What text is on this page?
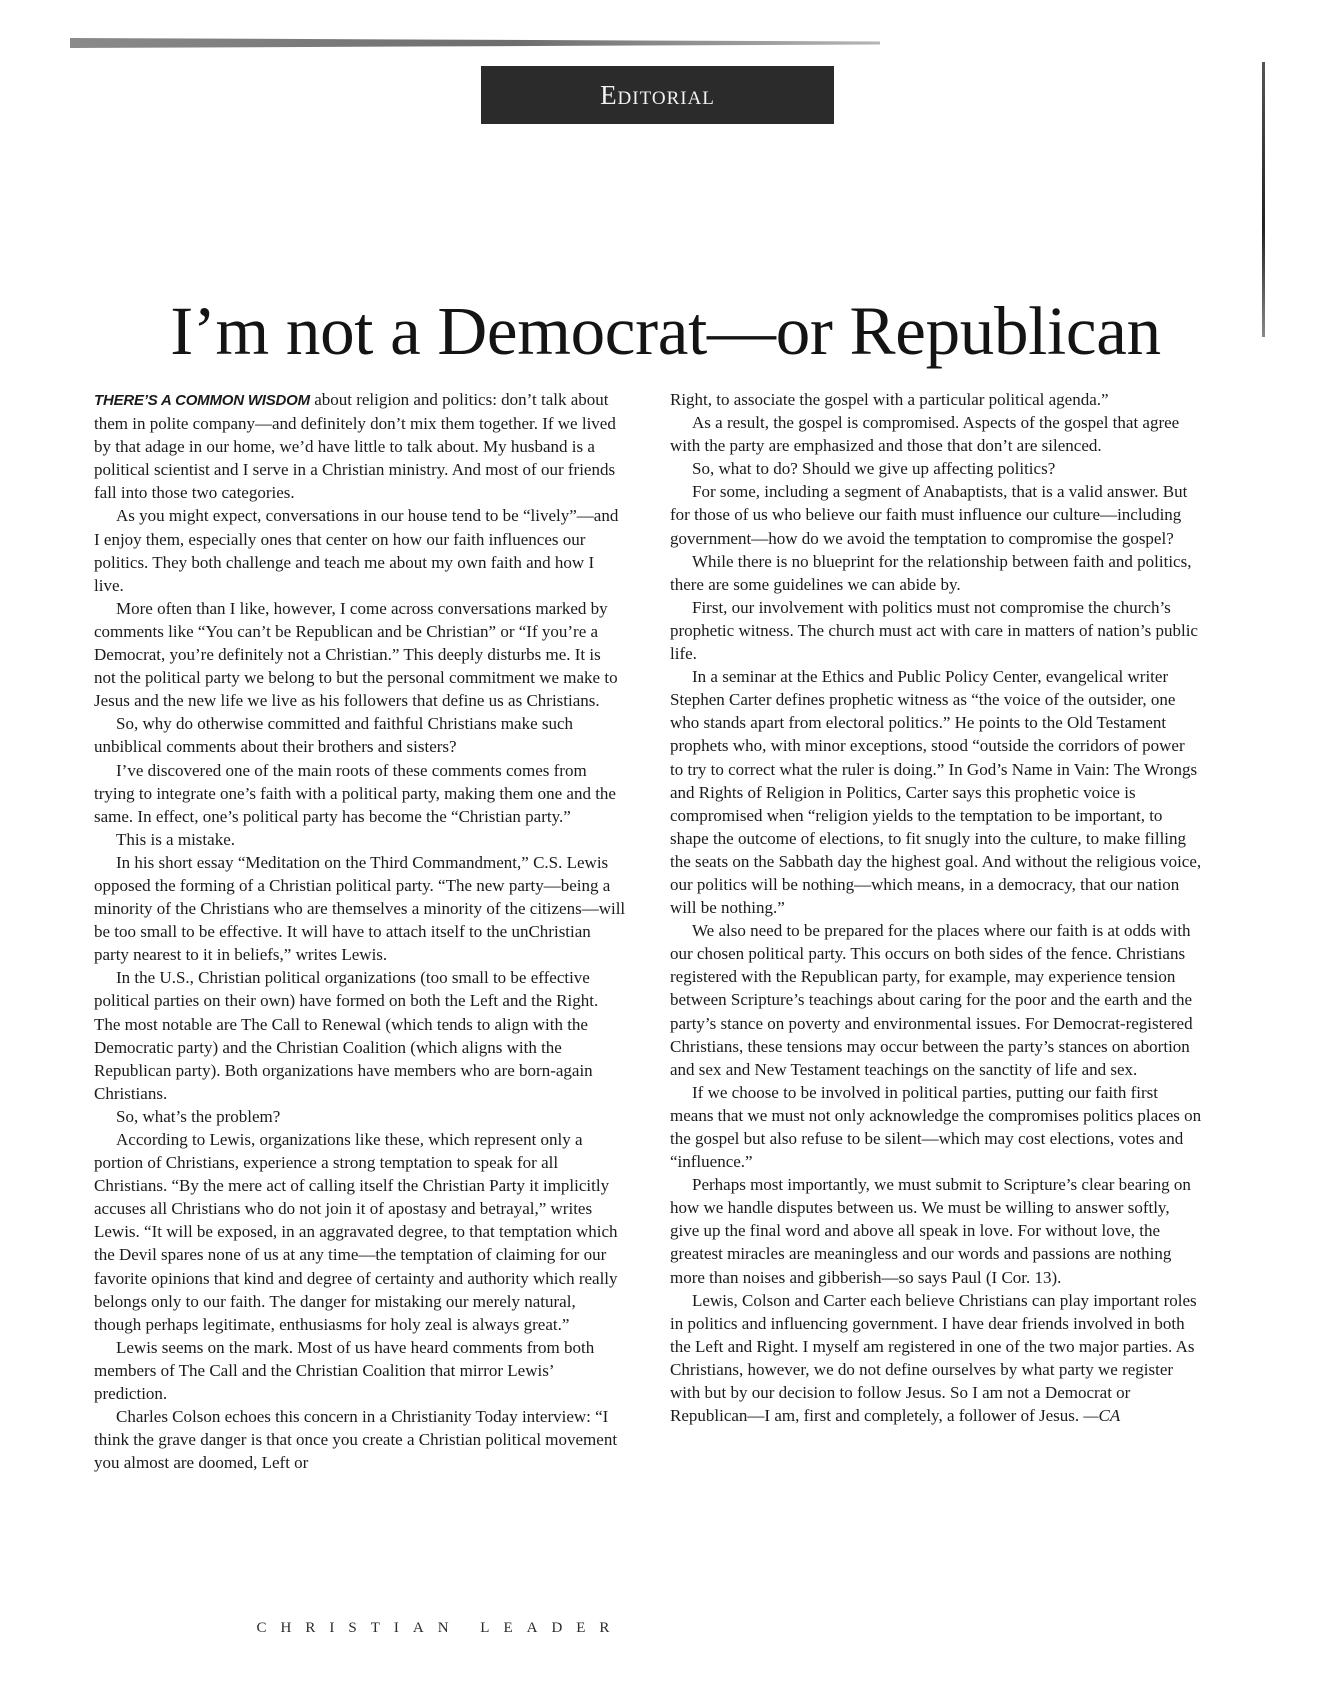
Editorial
I’m not a Democrat—or Republican

THERE’S A COMMON WISDOM about religion and politics: don’t talk about them in polite company—and definitely don’t mix them together. If we lived by that adage in our home, we’d have little to talk about. My husband is a political scientist and I serve in a Christian ministry. And most of our friends fall into those two categories.

As you might expect, conversations in our house tend to be “lively”—and I enjoy them, especially ones that center on how our faith influences our politics. They both challenge and teach me about my own faith and how I live.

More often than I like, however, I come across conversations marked by comments like “You can’t be Republican and be Christian” or “If you’re a Democrat, you’re definitely not a Christian.” This deeply disturbs me. It is not the political party we belong to but the personal commitment we make to Jesus and the new life we live as his followers that define us as Christians.

So, why do otherwise committed and faithful Christians make such unbiblical comments about their brothers and sisters?

I’ve discovered one of the main roots of these comments comes from trying to integrate one’s faith with a political party, making them one and the same. In effect, one’s political party has become the “Christian party.”

This is a mistake.

In his short essay “Meditation on the Third Commandment,” C.S. Lewis opposed the forming of a Christian political party. “The new party—being a minority of the Christians who are themselves a minority of the citizens—will be too small to be effective. It will have to attach itself to the unChristian party nearest to it in beliefs,” writes Lewis.

In the U.S., Christian political organizations (too small to be effective political parties on their own) have formed on both the Left and the Right. The most notable are The Call to Renewal (which tends to align with the Democratic party) and the Christian Coalition (which aligns with the Republican party). Both organizations have members who are born-again Christians.

So, what’s the problem?

According to Lewis, organizations like these, which represent only a portion of Christians, experience a strong temptation to speak for all Christians. “By the mere act of calling itself the Christian Party it implicitly accuses all Christians who do not join it of apostasy and betrayal,” writes Lewis. “It will be exposed, in an aggravated degree, to that temptation which the Devil spares none of us at any time—the temptation of claiming for our favorite opinions that kind and degree of certainty and authority which really belongs only to our faith. The danger for mistaking our merely natural, though perhaps legitimate, enthusiasms for holy zeal is always great.”

Lewis seems on the mark. Most of us have heard comments from both members of The Call and the Christian Coalition that mirror Lewis’ prediction.

Charles Colson echoes this concern in a Christianity Today interview: “I think the grave danger is that once you create a Christian political movement you almost are doomed, Left or

Right, to associate the gospel with a particular political agenda.”

As a result, the gospel is compromised. Aspects of the gospel that agree with the party are emphasized and those that don’t are silenced.

So, what to do? Should we give up affecting politics?

For some, including a segment of Anabaptists, that is a valid answer. But for those of us who believe our faith must influence our culture—including government—how do we avoid the temptation to compromise the gospel?

While there is no blueprint for the relationship between faith and politics, there are some guidelines we can abide by.

First, our involvement with politics must not compromise the church’s prophetic witness. The church must act with care in matters of nation’s public life.

In a seminar at the Ethics and Public Policy Center, evangelical writer Stephen Carter defines prophetic witness as “the voice of the outsider, one who stands apart from electoral politics.” He points to the Old Testament prophets who, with minor exceptions, stood “outside the corridors of power to try to correct what the ruler is doing.” In God’s Name in Vain: The Wrongs and Rights of Religion in Politics, Carter says this prophetic voice is compromised when “religion yields to the temptation to be important, to shape the outcome of elections, to fit snugly into the culture, to make filling the seats on the Sabbath day the highest goal. And without the religious voice, our politics will be nothing—which means, in a democracy, that our nation will be nothing.”

We also need to be prepared for the places where our faith is at odds with our chosen political party. This occurs on both sides of the fence. Christians registered with the Republican party, for example, may experience tension between Scripture’s teachings about caring for the poor and the earth and the party’s stance on poverty and environmental issues. For Democrat-registered Christians, these tensions may occur between the party’s stances on abortion and sex and New Testament teachings on the sanctity of life and sex.

If we choose to be involved in political parties, putting our faith first means that we must not only acknowledge the compromises politics places on the gospel but also refuse to be silent—which may cost elections, votes and “influence.”

Perhaps most importantly, we must submit to Scripture’s clear bearing on how we handle disputes between us. We must be willing to answer softly, give up the final word and above all speak in love. For without love, the greatest miracles are meaningless and our words and passions are nothing more than noises and gibberish—so says Paul (I Cor. 13).

Lewis, Colson and Carter each believe Christians can play important roles in politics and influencing government. I have dear friends involved in both the Left and Right. I myself am registered in one of the two major parties. As Christians, however, we do not define ourselves by what party we register with but by our decision to follow Jesus. So I am not a Democrat or Republican—I am, first and completely, a follower of Jesus. —CA

CHRISTIAN LEADER
